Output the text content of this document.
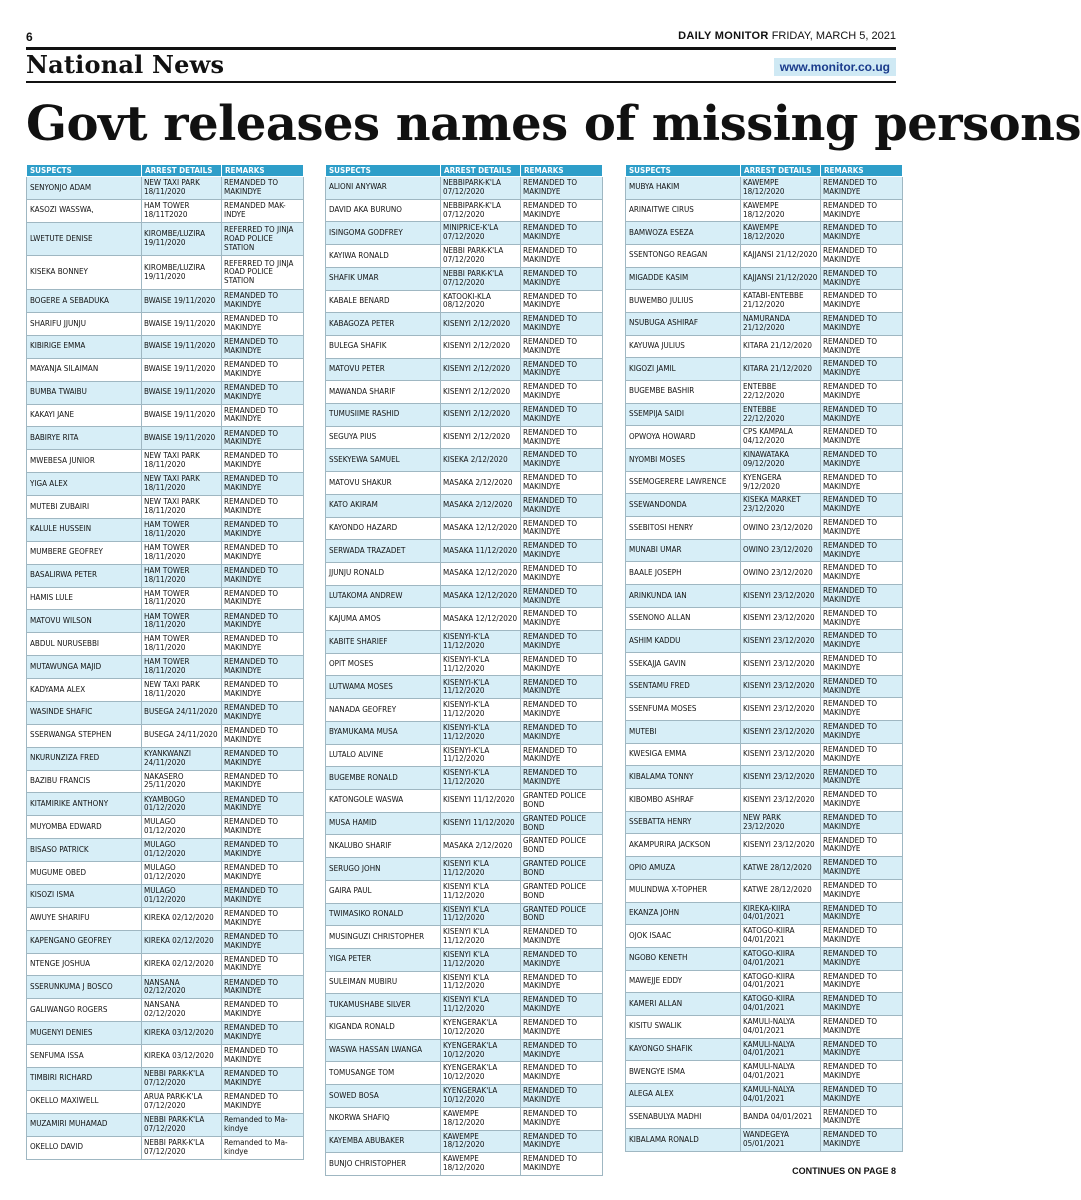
6	DAILY MONITOR FRIDAY, MARCH 5, 2021
National News	www.monitor.co.ug
Govt releases names of missing persons
SUSPECTS	ARREST DETAILS	REMARKS
SENYONJO ADAM	NEW TAXI PARK 18/11/2020	REMANDED TO MAKINDYE
KASOZI WASSWA,	HAM TOWER 18/11T2020	REMANDED MAK-INDYE
LWETUTE DENISE	KIROMBE/LUZIRA 19/11/2020	REFERRED TO JINJA ROAD POLICE STATION
KISEKA BONNEY	KIROMBE/LUZIRA 19/11/2020	REFERRED TO JINJA ROAD POLICE STATION
BOGERE A SEBADUKA	BWAISE 19/11/2020	REMANDED TO MAKINDYE
SHARIFU JJUNJU	BWAISE 19/11/2020	REMANDED TO MAKINDYE
KIBIRIGE EMMA	BWAISE 19/11/2020	REMANDED TO MAKINDYE
MAYANJA SILAIMAN	BWAISE 19/11/2020	REMANDED TO MAKINDYE
BUMBA TWAIBU	BWAISE 19/11/2020	REMANDED TO MAKINDYE
KAKAYI JANE	BWAISE 19/11/2020	REMANDED TO MAKINDYE
BABIRYE RITA	BWAISE 19/11/2020	REMANDED TO MAKINDYE
MWEBESA JUNIOR	NEW TAXI PARK 18/11/2020	REMANDED TO MAKINDYE
YIGA ALEX	NEW TAXI PARK 18/11/2020	REMANDED TO MAKINDYE
MUTEBI ZUBAIRI	NEW TAXI PARK 18/11/2020	REMANDED TO MAKINDYE
KALULE HUSSEIN	HAM TOWER 18/11/2020	REMANDED TO MAKINDYE
MUMBERE GEOFREY	HAM TOWER 18/11/2020	REMANDED TO MAKINDYE
BASALIRWA PETER	HAM TOWER 18/11/2020	REMANDED TO MAKINDYE
HAMIS LULE	HAM TOWER 18/11/2020	REMANDED TO MAKINDYE
MATOVU WILSON	HAM TOWER 18/11/2020	REMANDED TO MAKINDYE
ABDUL NURUSEBBI	HAM TOWER 18/11/2020	REMANDED TO MAKINDYE
MUTAWUNGA MAJID	HAM TOWER 18/11/2020	REMANDED TO MAKINDYE
KADYAMA ALEX	NEW TAXI PARK 18/11/2020	REMANDED TO MAKINDYE
WASINDE SHAFIC	BUSEGA 24/11/2020	REMANDED TO MAKINDYE
SSERWANGA STEPHEN	BUSEGA 24/11/2020	REMANDED TO MAKINDYE
NKURUNZIZA FRED	KYANKWANZI 24/11/2020	REMANDED TO MAKINDYE
BAZIBU FRANCIS	NAKASERO 25/11/2020	REMANDED TO MAKINDYE
KITAMIRIKE ANTHONY	KYAMBOGO 01/12/2020	REMANDED TO MAKINDYE
MUYOMBA EDWARD	MULAGO 01/12/2020	REMANDED TO MAKINDYE
BISASO PATRICK	MULAGO 01/12/2020	REMANDED TO MAKINDYE
MUGUME OBED	MULAGO 01/12/2020	REMANDED TO MAKINDYE
KISOZI ISMA	MULAGO 01/12/2020	REMANDED TO MAKINDYE
AWUYE SHARIFU	KIREKA 02/12/2020	REMANDED TO MAKINDYE
KAPENGANO GEOFREY	KIREKA 02/12/2020	REMANDED TO MAKINDYE
NTENGE JOSHUA	KIREKA 02/12/2020	REMANDED TO MAKINDYE
SSERUNKUMA J BOSCO	NANSANA 02/12/2020	REMANDED TO MAKINDYE
GALIWANGO ROGERS	NANSANA 02/12/2020	REMANDED TO MAKINDYE
MUGENYI DENIES	KIREKA 03/12/2020	REMANDED TO MAKINDYE
SENFUMA ISSA	KIREKA 03/12/2020	REMANDED TO MAKINDYE
TIMBIRI RICHARD	NEBBI PARK-K'LA 07/12/2020	REMANDED TO MAKINDYE
OKELLO MAXIWELL	ARUA PARK-K'LA 07/12/2020	REMANDED TO MAKINDYE
MUZAMIRI MUHAMAD	NEBBI PARK-K'LA 07/12/2020	Remanded to Ma-kindye
OKELLO DAVID	NEBBI PARK-K'LA 07/12/2020	Remanded to Ma-kindye
SUSPECTS	ARREST DETAILS	REMARKS
ALIONI ANYWAR	NEBBIPARK-K'LA 07/12/2020	REMANDED TO MAKINDYE
DAVID AKA BURUNO	NEBBIPARK-K'LA 07/12/2020	REMANDED TO MAKINDYE
ISINGOMA GODFREY	MINIPRICE-K'LA 07/12/2020	REMANDED TO MAKINDYE
KAYIWA RONALD	NEBBI PARK-K'LA 07/12/2020	REMANDED TO MAKINDYE
SHAFIK UMAR	NEBBI PARK-K'LA 07/12/2020	REMANDED TO MAKINDYE
KABALE BENARD	KATOOKI-KLA 08/12/2020	REMANDED TO MAKINDYE
KABAGOZA PETER	KISENYI 2/12/2020	REMANDED TO MAKINDYE
BULEGA SHAFIK	KISENYI 2/12/2020	REMANDED TO MAKINDYE
MATOVU PETER	KISENYI 2/12/2020	REMANDED TO MAKINDYE
MAWANDA SHARIF	KISENYI 2/12/2020	REMANDED TO MAKINDYE
TUMUSIIME RASHID	KISENYI 2/12/2020	REMANDED TO MAKINDYE
SEGUYA PIUS	KISENYI 2/12/2020	REMANDED TO MAKINDYE
SSEKYEWA SAMUEL	KISEKA 2/12/2020	REMANDED TO MAKINDYE
MATOVU SHAKUR	MASAKA 2/12/2020	REMANDED TO MAKINDYE
KATO AKIRAM	MASAKA 2/12/2020	REMANDED TO MAKINDYE
KAYONDO HAZARD	MASAKA 12/12/2020	REMANDED TO MAKINDYE
SERWADA TRAZADET	MASAKA 11/12/2020	REMANDED TO MAKINDYE
JJUNJU RONALD	MASAKA 12/12/2020	REMANDED TO MAKINDYE
LUTAKOMA ANDREW	MASAKA 12/12/2020	REMANDED TO MAKINDYE
KAJUMA AMOS	MASAKA 12/12/2020	REMANDED TO MAKINDYE
KABITE SHARIEF	KISENYI-K'LA 11/12/2020	REMANDED TO MAKINDYE
OPIT MOSES	KISENYI-K'LA 11/12/2020	REMANDED TO MAKINDYE
LUTWAMA MOSES	KISENYI-K'LA 11/12/2020	REMANDED TO MAKINDYE
NANADA GEOFREY	KISENYI-K'LA 11/12/2020	REMANDED TO MAKINDYE
BYAMUKAMA MUSA	KISENYI-K'LA 11/12/2020	REMANDED TO MAKINDYE
LUTALO ALVINE	KISENYI-K'LA 11/12/2020	REMANDED TO MAKINDYE
BUGEMBE RONALD	KISENYI-K'LA 11/12/2020	REMANDED TO MAKINDYE
KATONGOLE WASWA	KISENYI 11/12/2020	GRANTED POLICE BOND
MUSA HAMID	KISENYI 11/12/2020	GRANTED POLICE BOND
NKALUBO SHARIF	MASAKA 2/12/2020	GRANTED POLICE BOND
SERUGO JOHN	KISENYI K'LA 11/12/2020	GRANTED POLICE BOND
GAIRA PAUL	KISENYI K'LA 11/12/2020	GRANTED POLICE BOND
TWIMASIKO RONALD	KISENYI K'LA 11/12/2020	GRANTED POLICE BOND
MUSINGUZI CHRISTOPHER	KISENYI K'LA 11/12/2020	REMANDED TO MAKINDYE
YIGA PETER	KISENYI K'LA 11/12/2020	REMANDED TO MAKINDYE
SULEIMAN MUBIRU	KISENYI K'LA 11/12/2020	REMANDED TO MAKINDYE
TUKAMUSHABE SILVER	KISENYI K'LA 11/12/2020	REMANDED TO MAKINDYE
KIGANDA RONALD	KYENGERAK'LA 10/12/2020	REMANDED TO MAKINDYE
WASWA HASSAN LWANGA	KYENGERAK'LA 10/12/2020	REMANDED TO MAKINDYE
TOMUSANGE TOM	KYENGERAK'LA 10/12/2020	REMANDED TO MAKINDYE
SOWED BOSA	KYENGERAK'LA 10/12/2020	REMANDED TO MAKINDYE
NKORWA SHAFIQ	KAWEMPE 18/12/2020	REMANDED TO MAKINDYE
KAYEMBA ABUBAKER	KAWEMPE 18/12/2020	REMANDED TO MAKINDYE
BUNJO CHRISTOPHER	KAWEMPE 18/12/2020	REMANDED TO MAKINDYE
SUSPECTS	ARREST DETAILS	REMARKS
MUBYA HAKIM	KAWEMPE 18/12/2020	REMANDED TO MAKINDYE
ARINAITWE CIRUS	KAWEMPE 18/12/2020	REMANDED TO MAKINDYE
BAMWOZA ESEZA	KAWEMPE 18/12/2020	REMANDED TO MAKINDYE
SSENTONGO REAGAN	KAJJANSI 21/12/2020	REMANDED TO MAKINDYE
MIGADDE KASIM	KAJJANSI 21/12/2020	REMANDED TO MAKINDYE
BUWEMBO JULIUS	KATABI-ENTEBBE 21/12/2020	REMANDED TO MAKINDYE
NSUBUGA ASHIRAF	NAMURANDA 21/12/2020	REMANDED TO MAKINDYE
KAYUWA JULIUS	KITARA 21/12/2020	REMANDED TO MAKINDYE
KIGOZI JAMIL	KITARA 21/12/2020	REMANDED TO MAKINDYE
BUGEMBE BASHIR	ENTEBBE 22/12/2020	REMANDED TO MAKINDYE
SSEMPIJA SAIDI	ENTEBBE 22/12/2020	REMANDED TO MAKINDYE
OPWOYA HOWARD	CPS KAMPALA 04/12/2020	REMANDED TO MAKINDYE
NYOMBI MOSES	KINAWATAKA 09/12/2020	REMANDED TO MAKINDYE
SSEMOGERERE LAWRENCE	KYENGERA 9/12/2020	REMANDED TO MAKINDYE
SSEWANDONDA	KISEKA MARKET 23/12/2020	REMANDED TO MAKINDYE
SSEBITOSI HENRY	OWINO 23/12/2020	REMANDED TO MAKINDYE
MUNABI UMAR	OWINO 23/12/2020	REMANDED TO MAKINDYE
BAALE JOSEPH	OWINO 23/12/2020	REMANDED TO MAKINDYE
ARINKUNDA IAN	KISENYI 23/12/2020	REMANDED TO MAKINDYE
SSENONO ALLAN	KISENYI 23/12/2020	REMANDED TO MAKINDYE
ASHIM KADDU	KISENYI 23/12/2020	REMANDED TO MAKINDYE
SSEKAJJA GAVIN	KISENYI 23/12/2020	REMANDED TO MAKINDYE
SSENTAMU FRED	KISENYI 23/12/2020	REMANDED TO MAKINDYE
SSENFUMA MOSES	KISENYI 23/12/2020	REMANDED TO MAKINDYE
MUTEBI	KISENYI 23/12/2020	REMANDED TO MAKINDYE
KWESIGA EMMA	KISENYI 23/12/2020	REMANDED TO MAKINDYE
KIBALAMA TONNY	KISENYI 23/12/2020	REMANDED TO MAKINDYE
KIBOMBO ASHRAF	KISENYI 23/12/2020	REMANDED TO MAKINDYE
SSEBATTA HENRY	NEW PARK 23/12/2020	REMANDED TO MAKINDYE
AKAMPURIRA JACKSON	KISENYI 23/12/2020	REMANDED TO MAKINDYE
OPIO AMUZA	KATWE 28/12/2020	REMANDED TO MAKINDYE
MULINDWA X-TOPHER	KATWE 28/12/2020	REMANDED TO MAKINDYE
EKANZA JOHN	KIREKA-KIIRA 04/01/2021	REMANDED TO MAKINDYE
OJOK ISAAC	KATOGO-KIIRA 04/01/2021	REMANDED TO MAKINDYE
NGOBO KENETH	KATOGO-KIIRA 04/01/2021	REMANDED TO MAKINDYE
MAWEJJE EDDY	KATOGO-KIIRA 04/01/2021	REMANDED TO MAKINDYE
KAMERI ALLAN	KATOGO-KIIRA 04/01/2021	REMANDED TO MAKINDYE
KISITU SWALIK	KAMULI-NALYA 04/01/2021	REMANDED TO MAKINDYE
KAYONGO SHAFIK	KAMULI-NALYA 04/01/2021	REMANDED TO MAKINDYE
BWENGYE ISMA	KAMULI-NALYA 04/01/2021	REMANDED TO MAKINDYE
ALEGA ALEX	KAMULI-NALYA 04/01/2021	REMANDED TO MAKINDYE
SSENABULYA MADHI	BANDA 04/01/2021	REMANDED TO MAKINDYE
KIBALAMA RONALD	WANDEGEYA 05/01/2021	REMANDED TO MAKINDYE
CONTINUES ON PAGE 8
